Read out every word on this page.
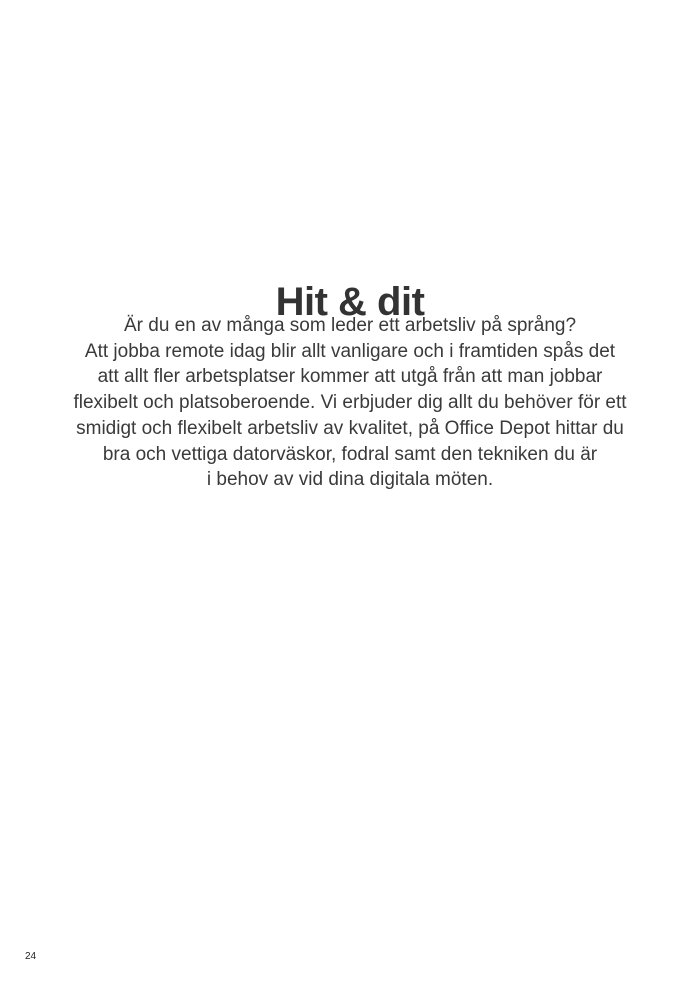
Hit & dit

Är du en av många som leder ett arbetsliv på språng?
Att jobba remote idag blir allt vanligare och i framtiden spås det
att allt fler arbetsplatser kommer att utgå från att man jobbar
flexibelt och platsoberoende. Vi erbjuder dig allt du behöver för ett
smidigt och flexibelt arbetsliv av kvalitet, på Office Depot hittar du
bra och vettiga datorväskor, fodral samt den tekniken du är
i behov av vid dina digitala möten.

24
